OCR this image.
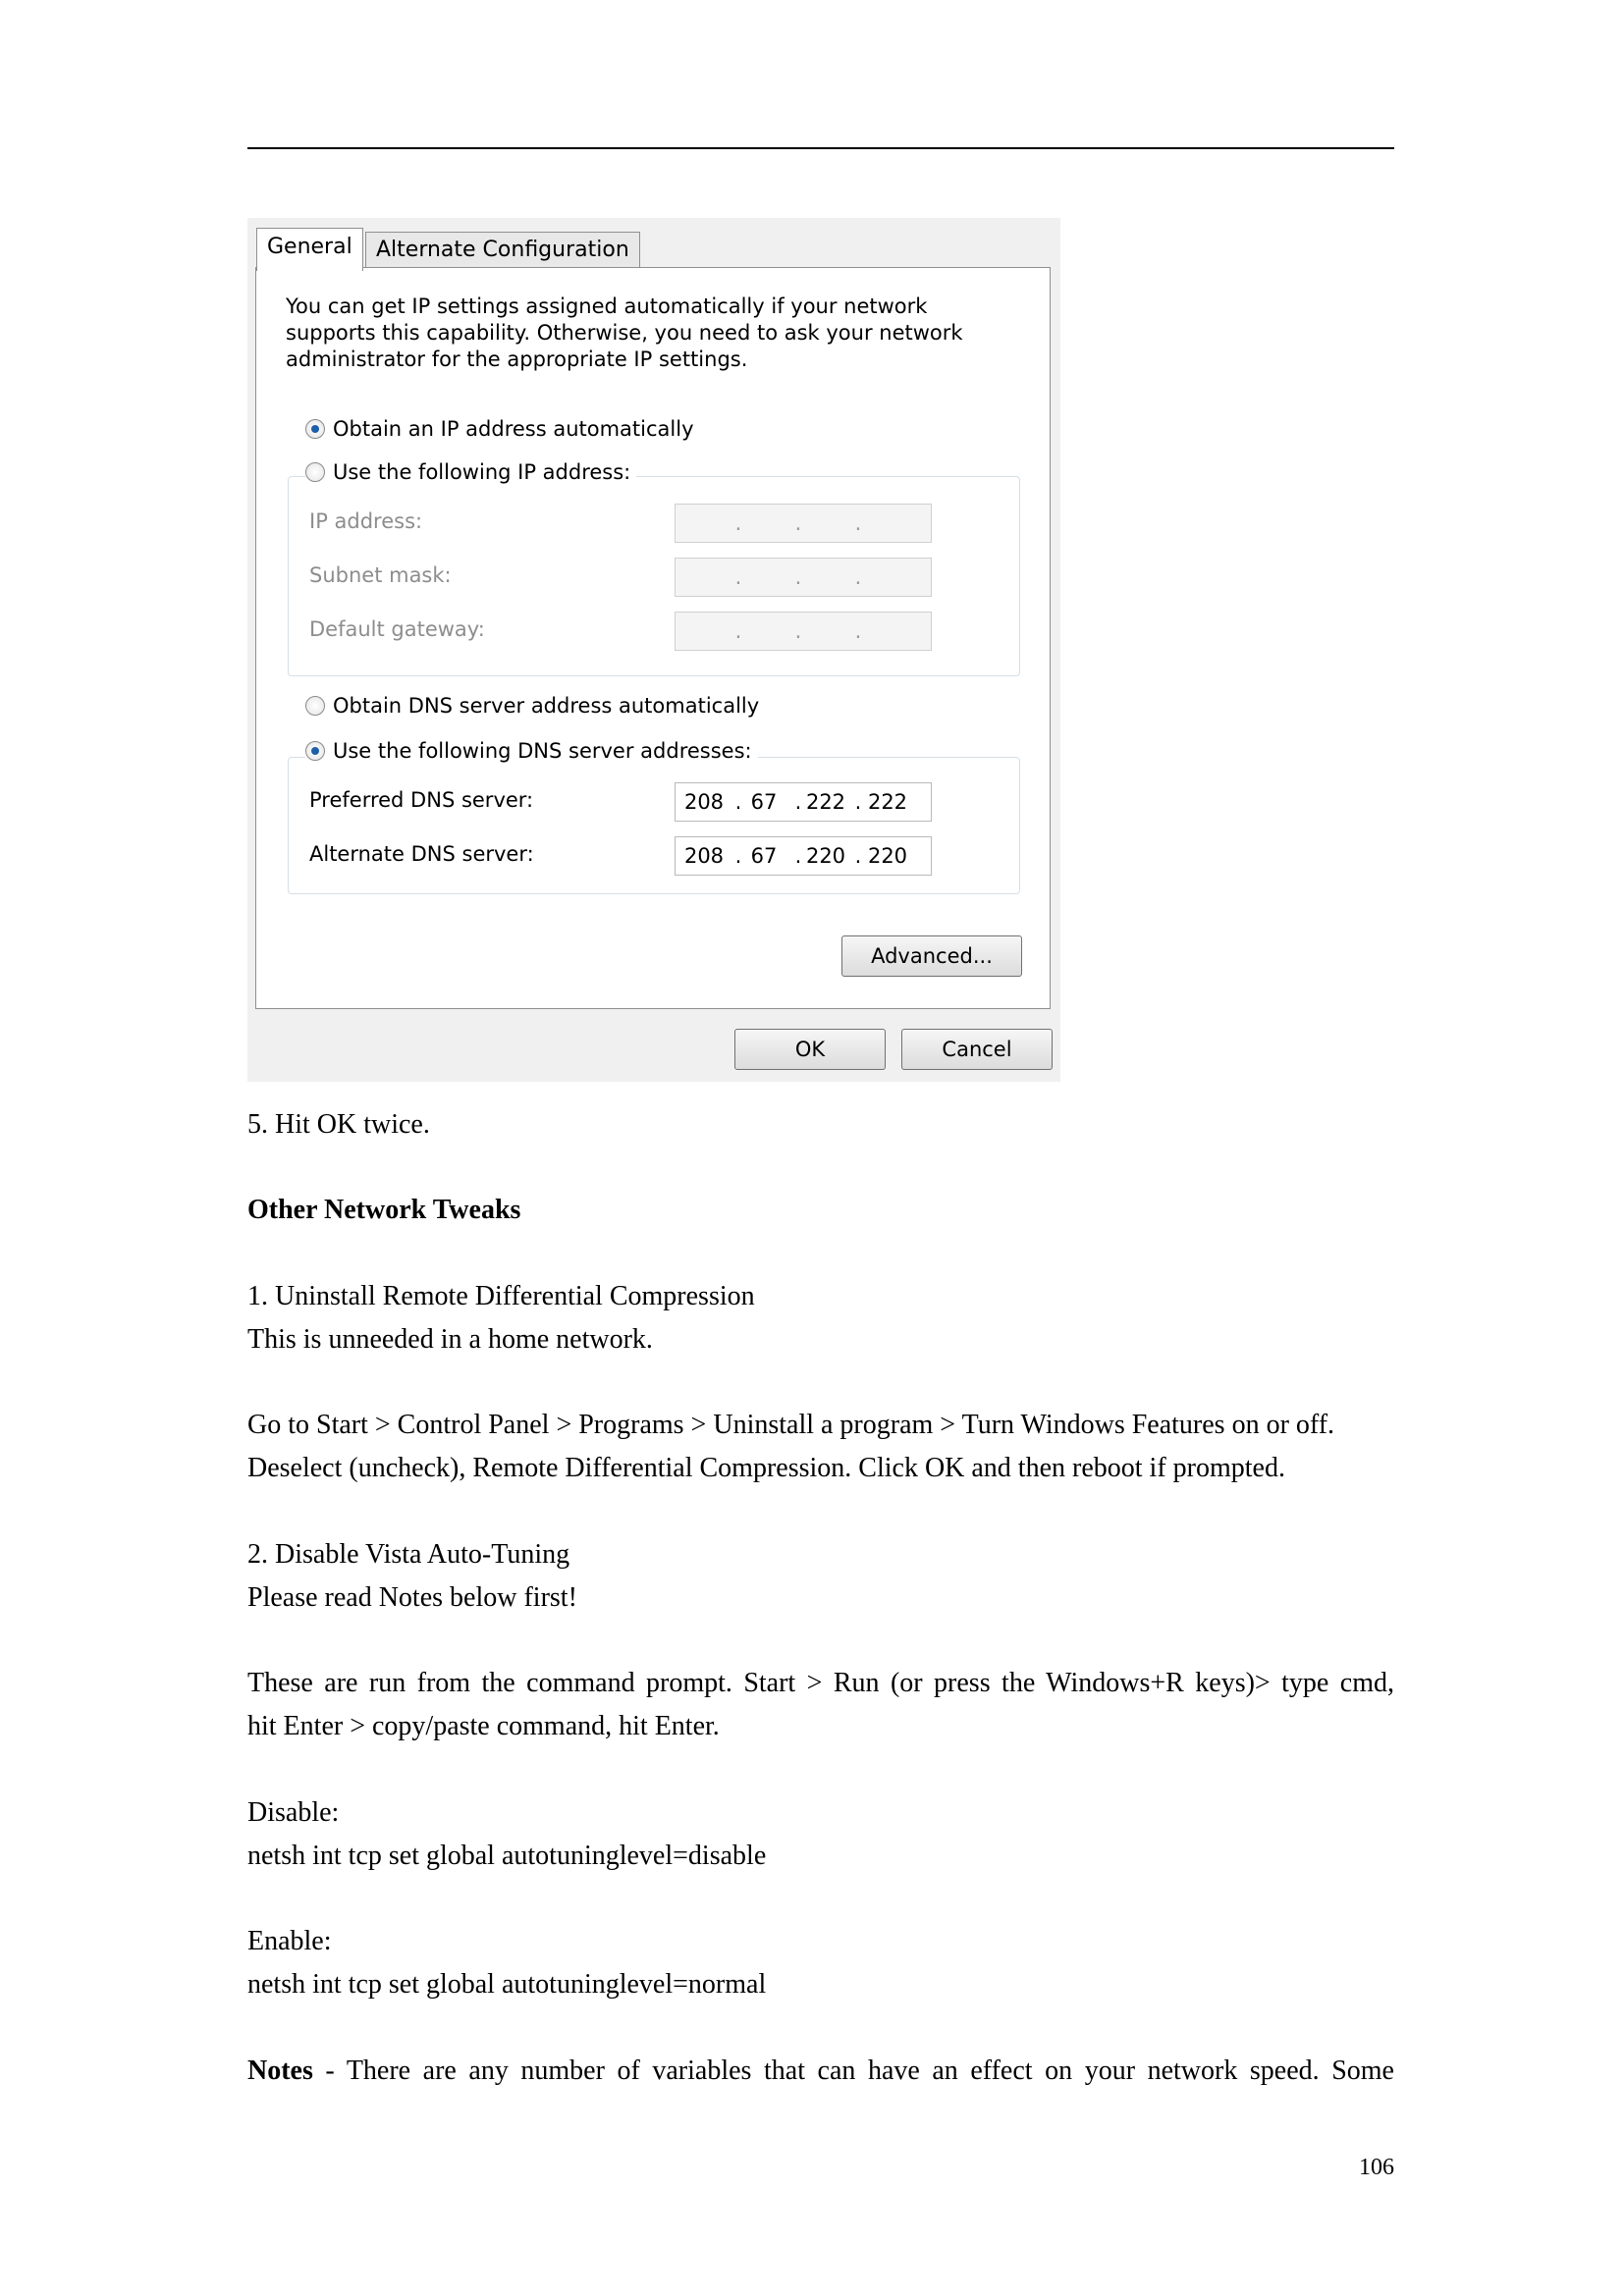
General	Alternate Configuration
You can get IP settings assigned automatically if your network supports this capability. Otherwise, you need to ask your network administrator for the appropriate IP settings.
Obtain an IP address automatically
Use the following IP address:
IP address:	.	.	.
Subnet mask:	.	.	.
Default gateway:	.	.	.
Obtain DNS server address automatically
Use the following DNS server addresses:
Preferred DNS server:	208 . 67 . 222 . 222
Alternate DNS server:	208 . 67 . 220 . 220
Advanced...
OK	Cancel
5. Hit OK twice.
Other Network Tweaks
1. Uninstall Remote Differential Compression
This is unneeded in a home network.
Go to Start > Control Panel > Programs > Uninstall a program > Turn Windows Features on or off.
Deselect (uncheck), Remote Differential Compression. Click OK and then reboot if prompted.
2. Disable Vista Auto-Tuning
Please read Notes below first!
These are run from the command prompt. Start > Run (or press the Windows+R keys)> type cmd,
hit Enter > copy/paste command, hit Enter.
Disable:
netsh int tcp set global autotuninglevel=disable
Enable:
netsh int tcp set global autotuninglevel=normal
Notes - There are any number of variables that can have an effect on your network speed. Some
106
